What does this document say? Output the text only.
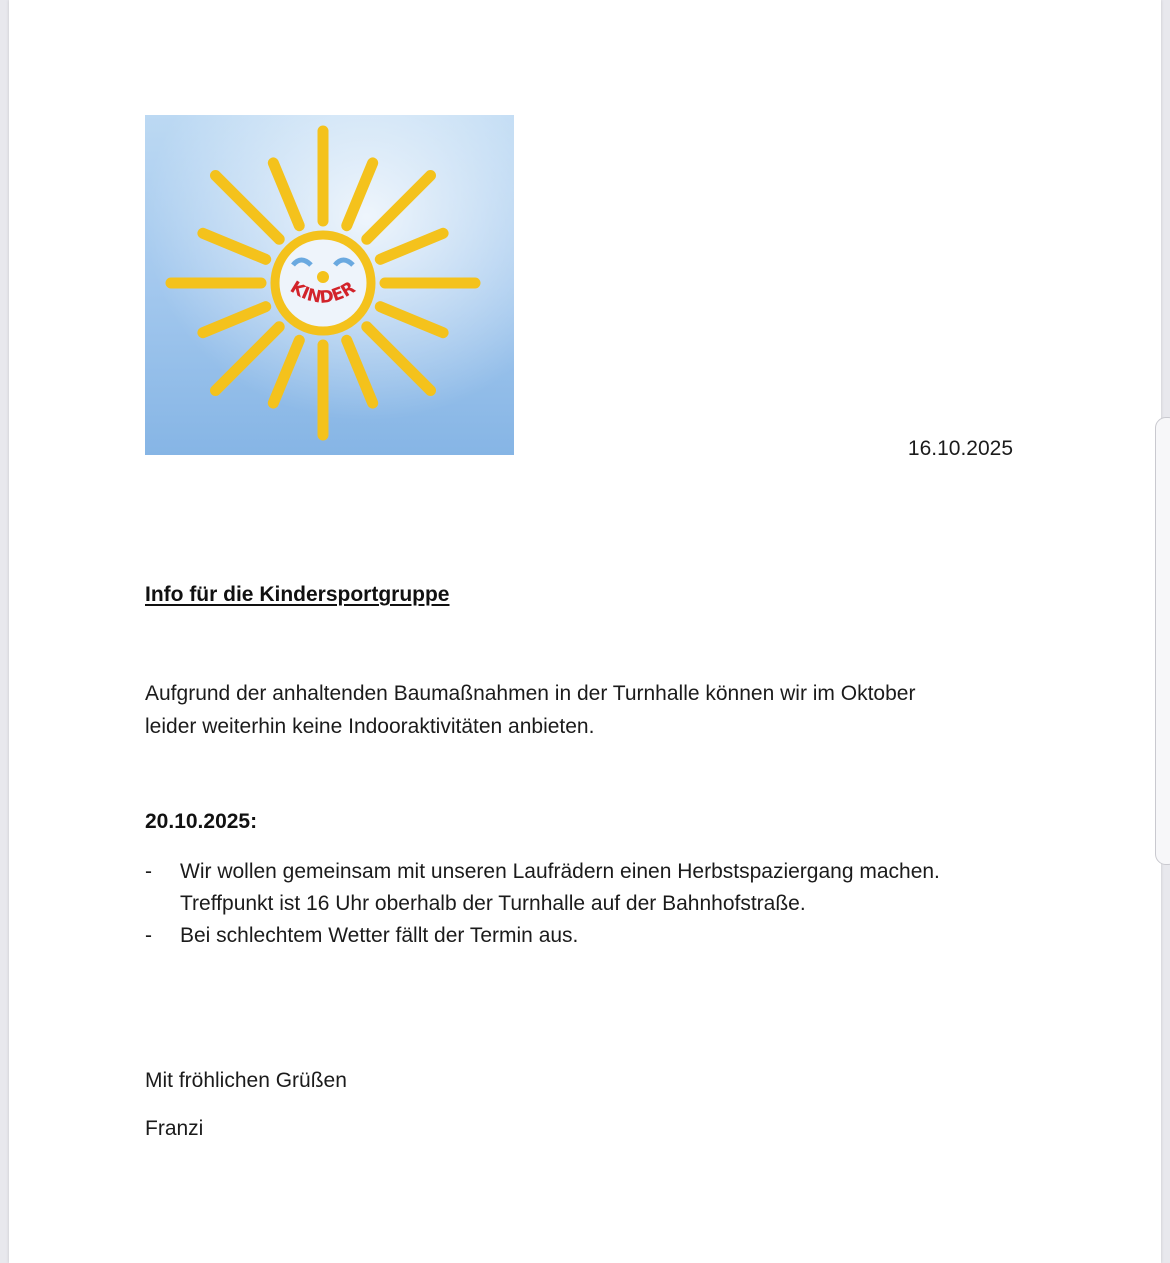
KINDER
16.10.2025
Info für die Kindersportgruppe
Aufgrund der anhaltenden Baumaßnahmen in der Turnhalle können wir im Oktober
leider weiterhin keine Indooraktivitäten anbieten.
20.10.2025:
- Wir wollen gemeinsam mit unseren Laufrädern einen Herbstspaziergang machen.
Treffpunkt ist 16 Uhr oberhalb der Turnhalle auf der Bahnhofstraße.
- Bei schlechtem Wetter fällt der Termin aus.
Mit fröhlichen Grüßen
Franzi
